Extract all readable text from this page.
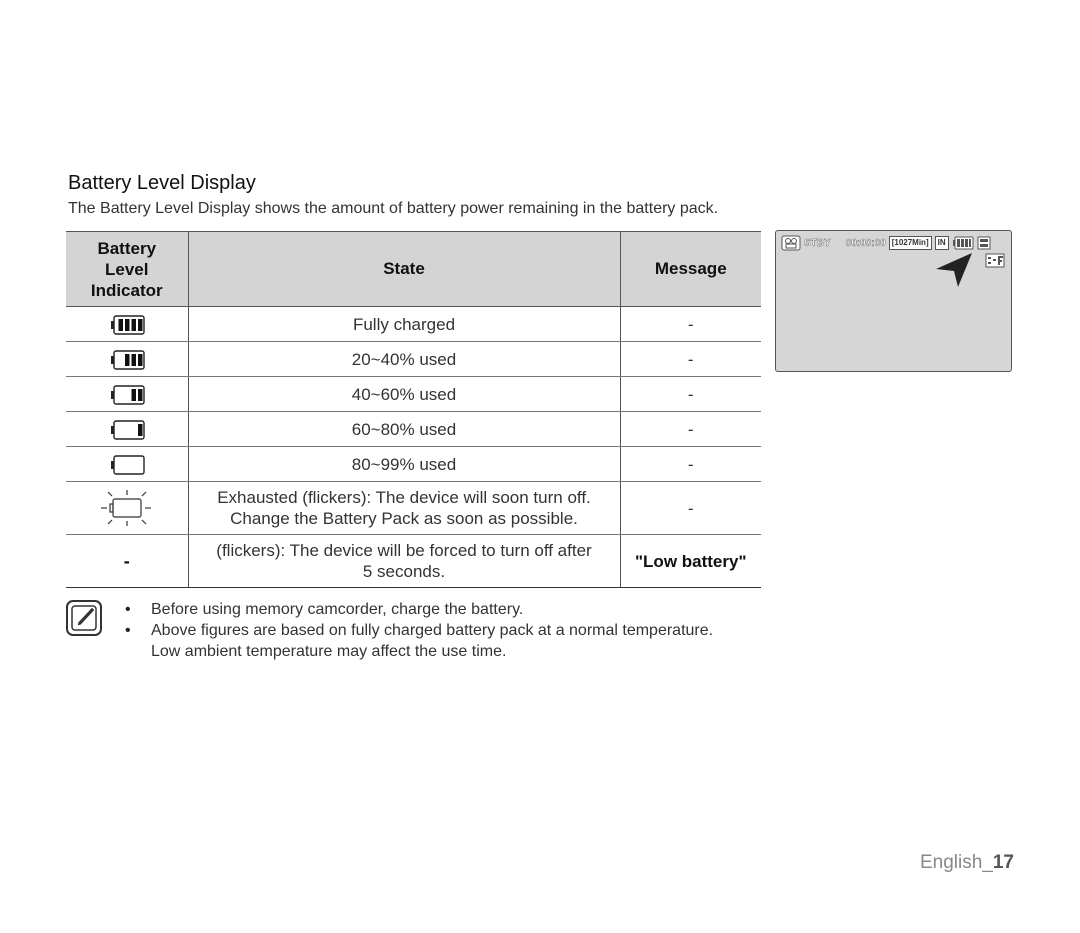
Battery Level Display
The Battery Level Display shows the amount of battery power remaining in the battery pack.
Battery
Level
Indicator	State	Message
	Fully charged	-
	20~40% used	-
	40~60% used	-
	60~80% used	-
	80~99% used	-

Exhausted (flickers): The device will soon turn off.
Change the Battery Pack as soon as possible.	-
-	(flickers): The device will be forced to turn off after
5 seconds.	"Low battery"
STBY 00:00:00 [1027Min]	IN
• Before using memory camcorder, charge the battery.
• Above figures are based on fully charged battery pack at a normal temperature.
Low ambient temperature may affect the use time.
English_17
